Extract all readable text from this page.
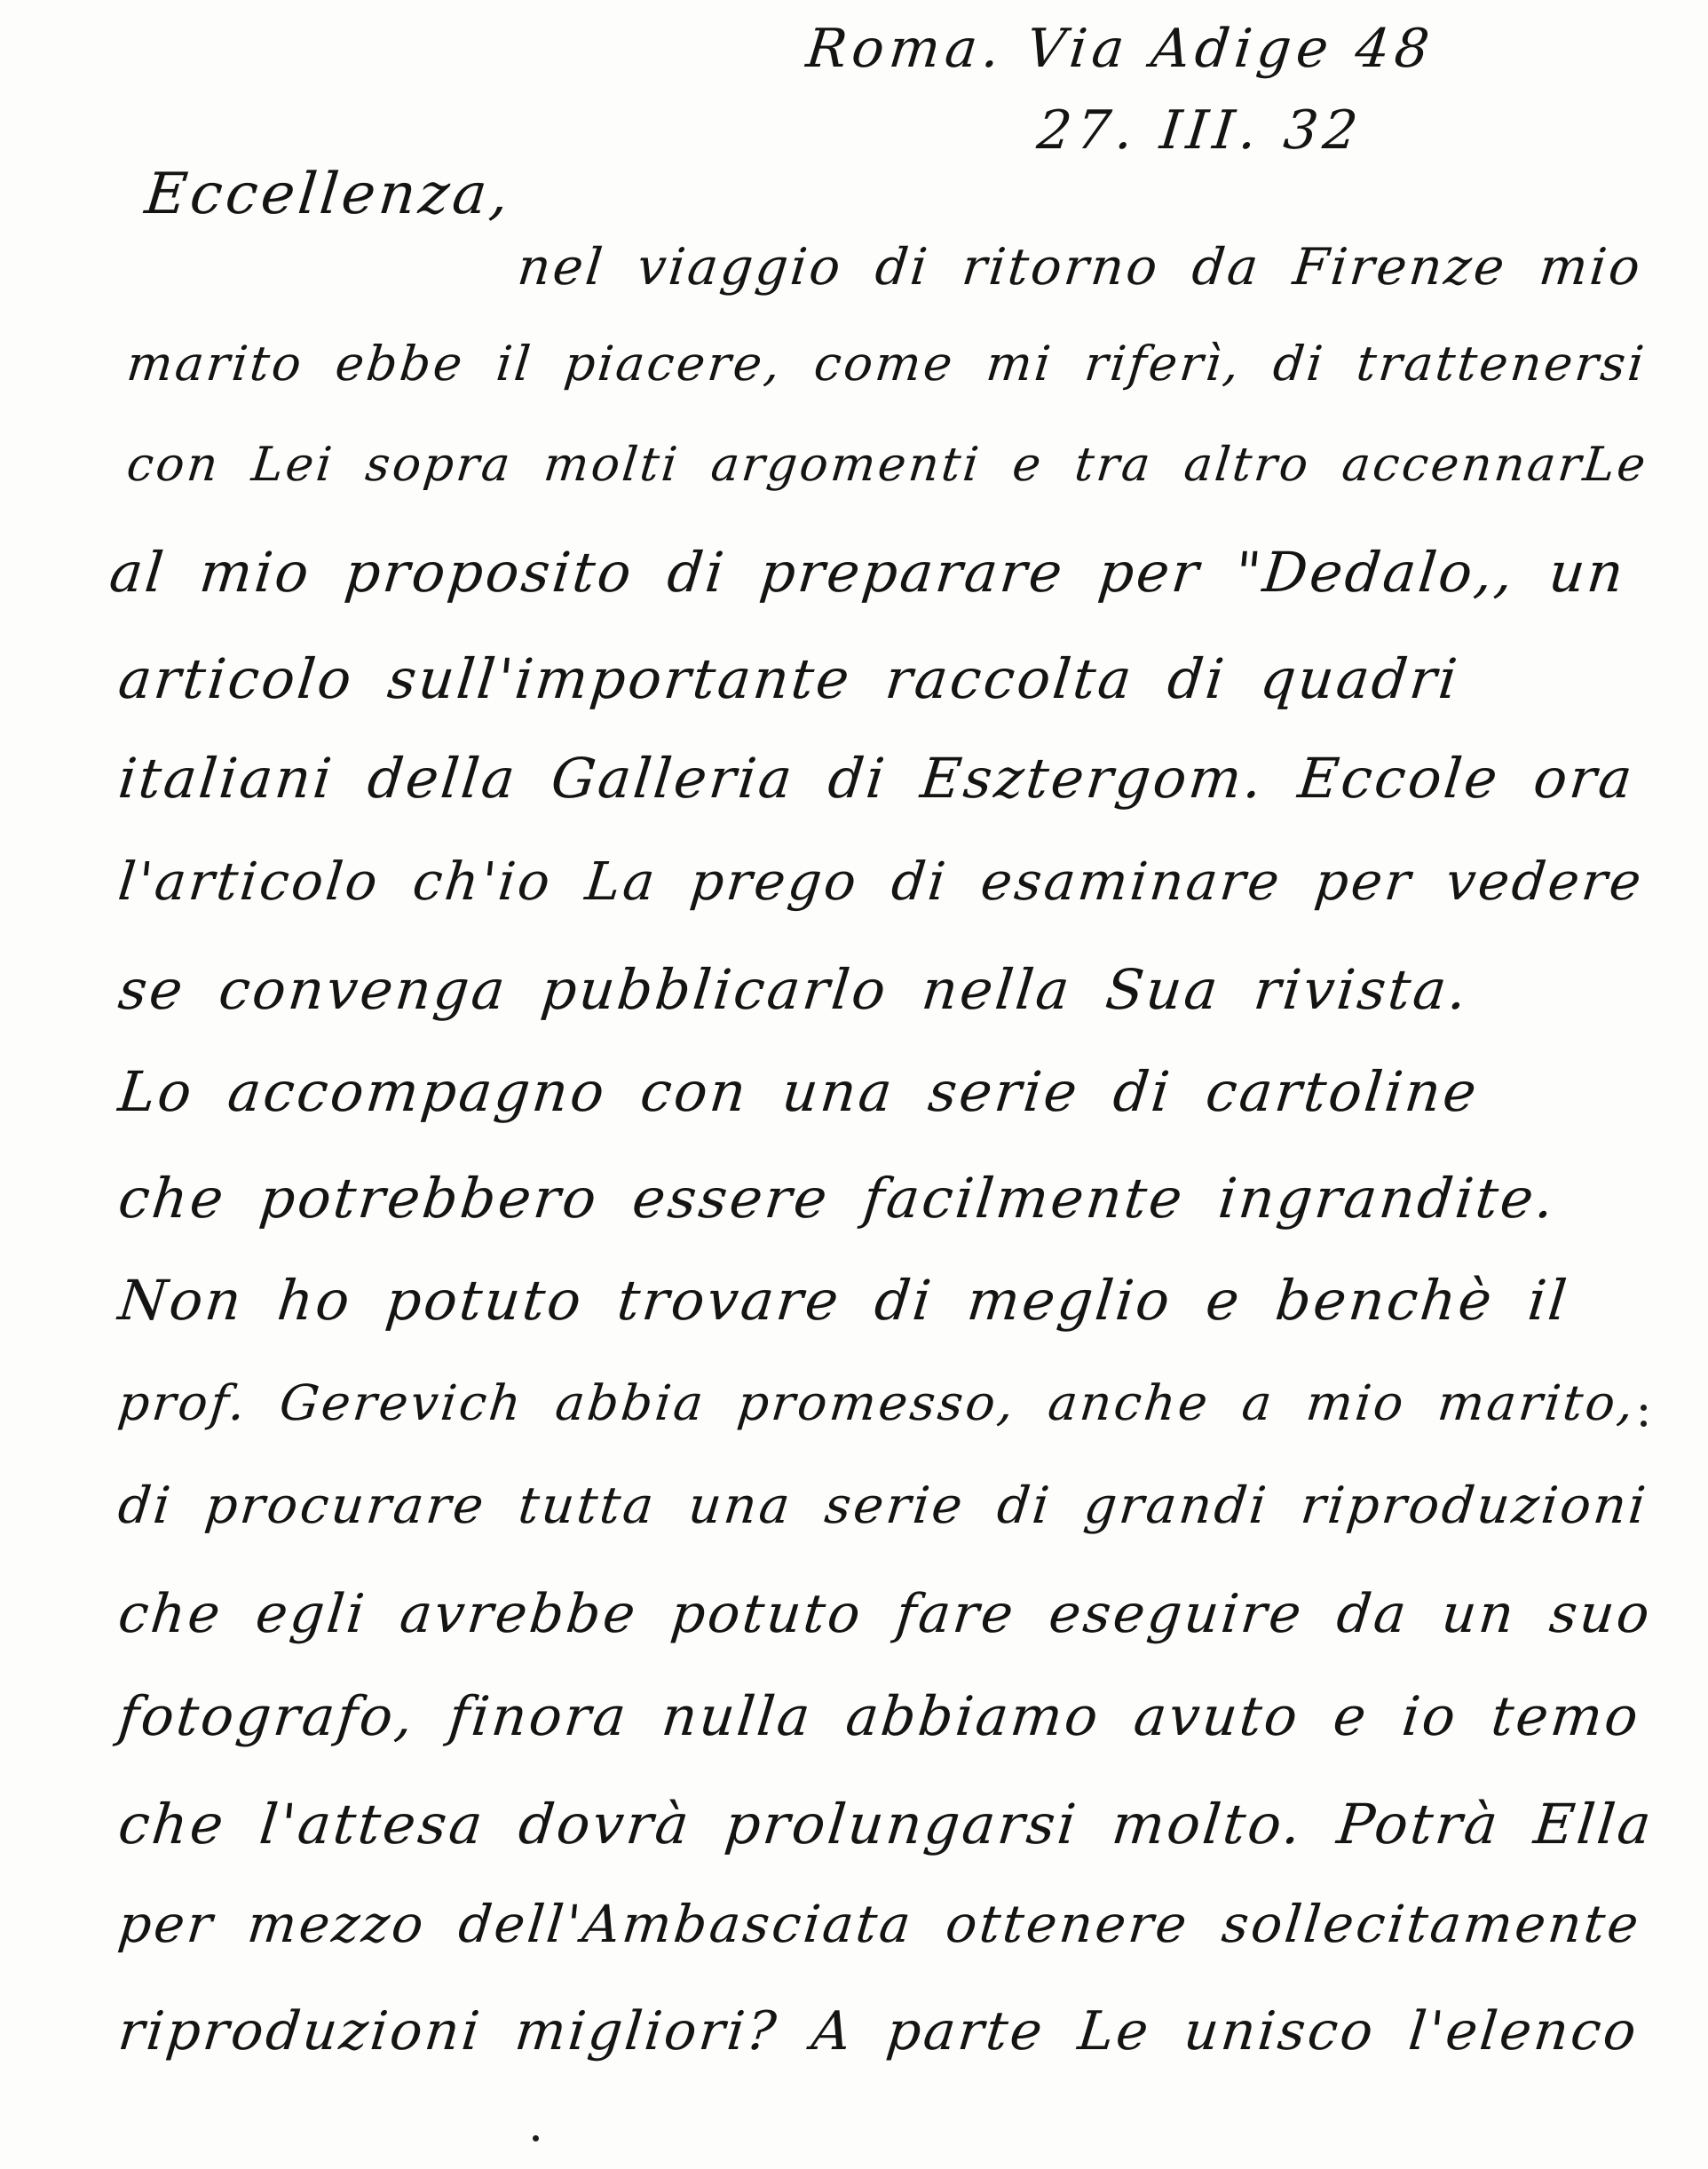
Roma. Via Adige 48
27. III. 32
Eccellenza,
nel viaggio di ritorno da Firenze mio
marito ebbe il piacere, come mi riferì, di trattenersi
con Lei sopra molti argomenti e tra altro accennarLe
al mio proposito di preparare per "Dedalo,, un
articolo sull'importante raccolta di quadri
italiani della Galleria di Esztergom. Eccole ora
l'articolo ch'io La prego di esaminare per vedere
se convenga pubblicarlo nella Sua rivista.
Lo accompagno con una serie di cartoline
che potrebbero essere facilmente ingrandite.
Non ho potuto trovare di meglio e benchè il
prof. Gerevich abbia promesso, anche a mio marito,
di procurare tutta una serie di grandi riproduzioni
che egli avrebbe potuto fare eseguire da un suo
fotografo, finora nulla abbiamo avuto e io temo
che l'attesa dovrà prolungarsi molto. Potrà Ella
per mezzo dell'Ambasciata ottenere sollecitamente
riproduzioni migliori? A parte Le unisco l'elenco
